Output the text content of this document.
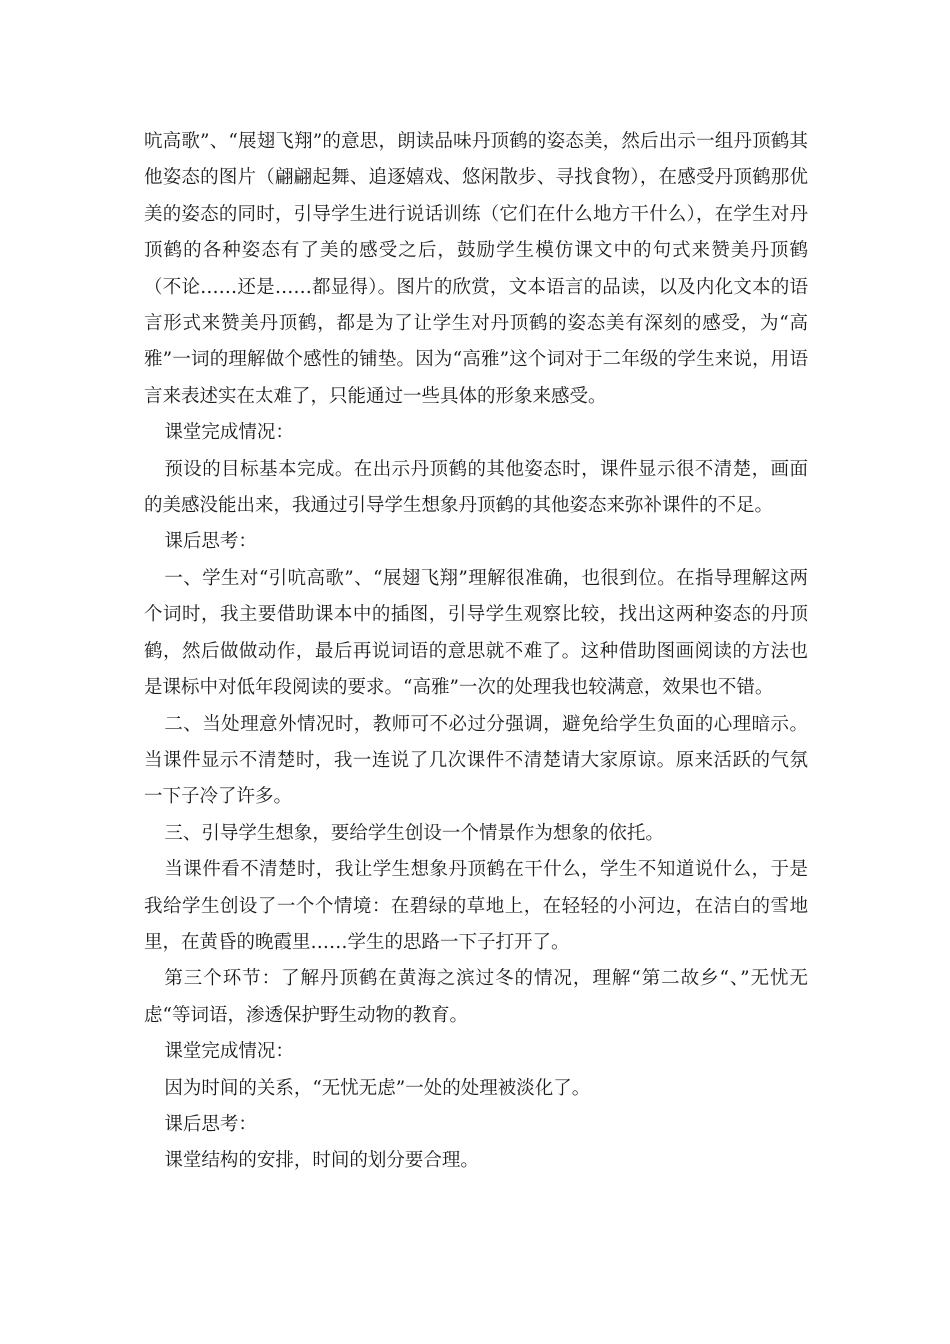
吭高歌”、“展翅飞翔”的意思，朗读品味丹顶鹤的姿态美，然后出示一组丹顶鹤其他姿态的图片（翩翩起舞、追逐嬉戏、悠闲散步、寻找食物），在感受丹顶鹤那优美的姿态的同时，引导学生进行说话训练（它们在什么地方干什么），在学生对丹顶鹤的各种姿态有了美的感受之后，鼓励学生模仿课文中的句式来赞美丹顶鹤（不论……还是……都显得）。图片的欣赏，文本语言的品读，以及内化文本的语言形式来赞美丹顶鹤，都是为了让学生对丹顶鹤的姿态美有深刻的感受，为“高雅”一词的理解做个感性的铺垫。因为“高雅”这个词对于二年级的学生来说，用语言来表述实在太难了，只能通过一些具体的形象来感受。

课堂完成情况：

预设的目标基本完成。在出示丹顶鹤的其他姿态时，课件显示很不清楚，画面的美感没能出来，我通过引导学生想象丹顶鹤的其他姿态来弥补课件的不足。

课后思考：

一、学生对“引吭高歌”、“展翅飞翔”理解很准确，也很到位。在指导理解这两个词时，我主要借助课本中的插图，引导学生观察比较，找出这两种姿态的丹顶鹤，然后做做动作，最后再说词语的意思就不难了。这种借助图画阅读的方法也是课标中对低年段阅读的要求。“高雅”一次的处理我也较满意，效果也不错。

二、当处理意外情况时，教师可不必过分强调，避免给学生负面的心理暗示。当课件显示不清楚时，我一连说了几次课件不清楚请大家原谅。原来活跃的气氛一下子冷了许多。

三、引导学生想象，要给学生创设一个情景作为想象的依托。

当课件看不清楚时，我让学生想象丹顶鹤在干什么，学生不知道说什么，于是我给学生创设了一个个情境：在碧绿的草地上，在轻轻的小河边，在洁白的雪地里，在黄昏的晚霞里……学生的思路一下子打开了。

第三个环节：了解丹顶鹤在黄海之滨过冬的情况，理解“第二故乡“、”无忧无虑“等词语，渗透保护野生动物的教育。

课堂完成情况：

因为时间的关系，“无忧无虑”一处的处理被淡化了。

课后思考：

课堂结构的安排，时间的划分要合理。
